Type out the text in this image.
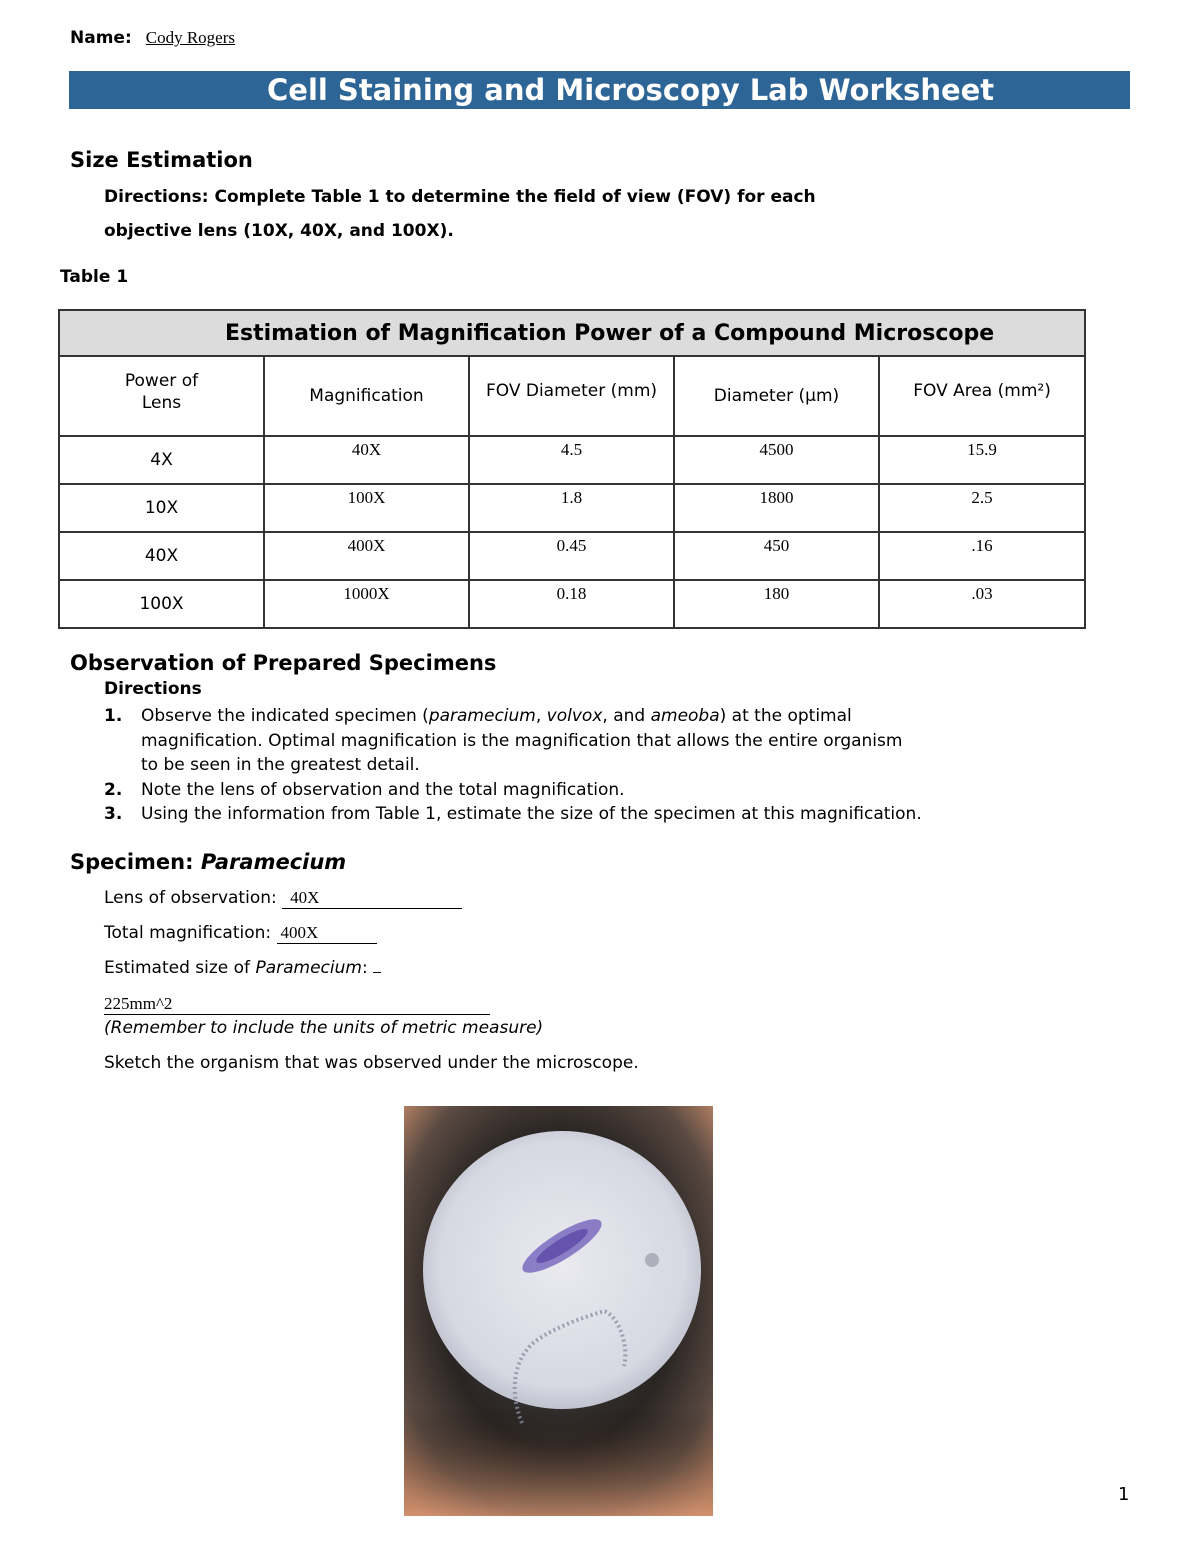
Name: Cody Rogers
Cell Staining and Microscopy Lab Worksheet
Size Estimation
Directions: Complete Table 1 to determine the field of view (FOV) for each
objective lens (10X, 40X, and 100X).
Table 1
Estimation of Magnification Power of a Compound Microscope				

Power of Lens	Magnification	FOV Diameter (mm)	Diameter (µm)	FOV Area (mm²)

4X	40X	4.5	4500	15.9
10X	100X	1.8	1800	2.5
40X	400X	0.45	450	.16
100X	1000X	0.18	180	.03
Observation of Prepared Specimens
Directions
1. Observe the indicated specimen (paramecium, volvox, and ameoba) at the optimal
magnification. Optimal magnification is the magnification that allows the entire organism
to be seen in the greatest detail.
2. Note the lens of observation and the total magnification.
3. Using the information from Table 1, estimate the size of the specimen at this magnification.
Specimen: Paramecium
Lens of observation: 40X
Total magnification: 400X
Estimated size of Paramecium:
225mm^2
(Remember to include the units of metric measure)
Sketch the organism that was observed under the microscope.
1
